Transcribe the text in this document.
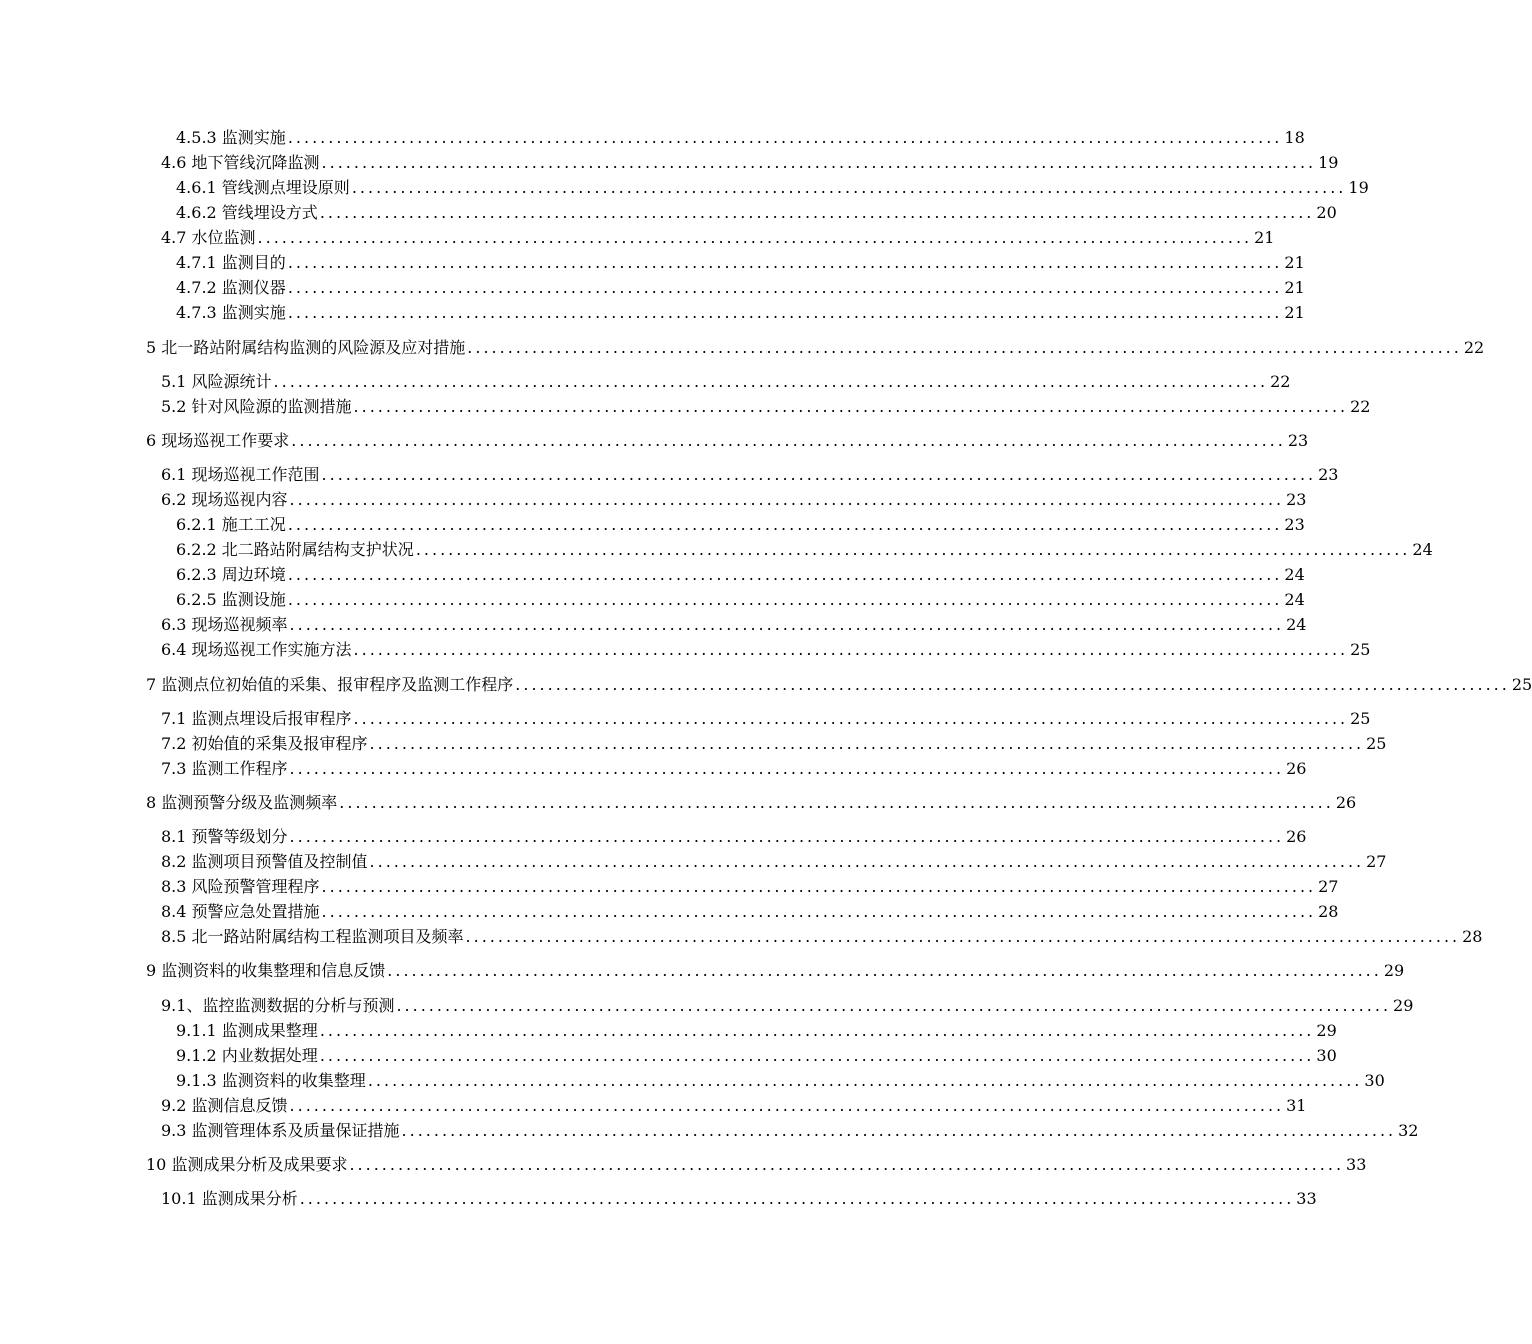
4.5.3 监测实施 ........................................................................................................................... 18
4.6 地下管线沉降监测 ........................................................................................................................... 19
4.6.1 管线测点埋设原则 ........................................................................................................................... 19
4.6.2 管线埋设方式 ........................................................................................................................... 20
4.7 水位监测 ........................................................................................................................... 21
4.7.1 监测目的 ........................................................................................................................... 21
4.7.2 监测仪器 ........................................................................................................................... 21
4.7.3 监测实施 ........................................................................................................................... 21
5 北一路站附属结构监测的风险源及应对措施 ........................................................................................................................... 22
5.1 风险源统计 ........................................................................................................................... 22
5.2 针对风险源的监测措施 ........................................................................................................................... 22
6 现场巡视工作要求 ........................................................................................................................... 23
6.1 现场巡视工作范围 ........................................................................................................................... 23
6.2 现场巡视内容 ........................................................................................................................... 23
6.2.1 施工工况 ........................................................................................................................... 23
6.2.2 北二路站附属结构支护状况 ........................................................................................................................... 24
6.2.3 周边环境 ........................................................................................................................... 24
6.2.5 监测设施 ........................................................................................................................... 24
6.3 现场巡视频率 ........................................................................................................................... 24
6.4 现场巡视工作实施方法 ........................................................................................................................... 25
7 监测点位初始值的采集、报审程序及监测工作程序 ........................................................................................................................... 25
7.1 监测点埋设后报审程序 ........................................................................................................................... 25
7.2 初始值的采集及报审程序 ........................................................................................................................... 25
7.3 监测工作程序 ........................................................................................................................... 26
8 监测预警分级及监测频率 ........................................................................................................................... 26
8.1 预警等级划分 ........................................................................................................................... 26
8.2 监测项目预警值及控制值 ........................................................................................................................... 27
8.3 风险预警管理程序 ........................................................................................................................... 27
8.4 预警应急处置措施 ........................................................................................................................... 28
8.5 北一路站附属结构工程监测项目及频率 ........................................................................................................................... 28
9 监测资料的收集整理和信息反馈 ........................................................................................................................... 29
9.1、监控监测数据的分析与预测 ........................................................................................................................... 29
9.1.1 监测成果整理 ........................................................................................................................... 29
9.1.2 内业数据处理 ........................................................................................................................... 30
9.1.3 监测资料的收集整理 ........................................................................................................................... 30
9.2 监测信息反馈 ........................................................................................................................... 31
9.3 监测管理体系及质量保证措施 ........................................................................................................................... 32
10 监测成果分析及成果要求 ........................................................................................................................... 33
10.1 监测成果分析 ........................................................................................................................... 33
